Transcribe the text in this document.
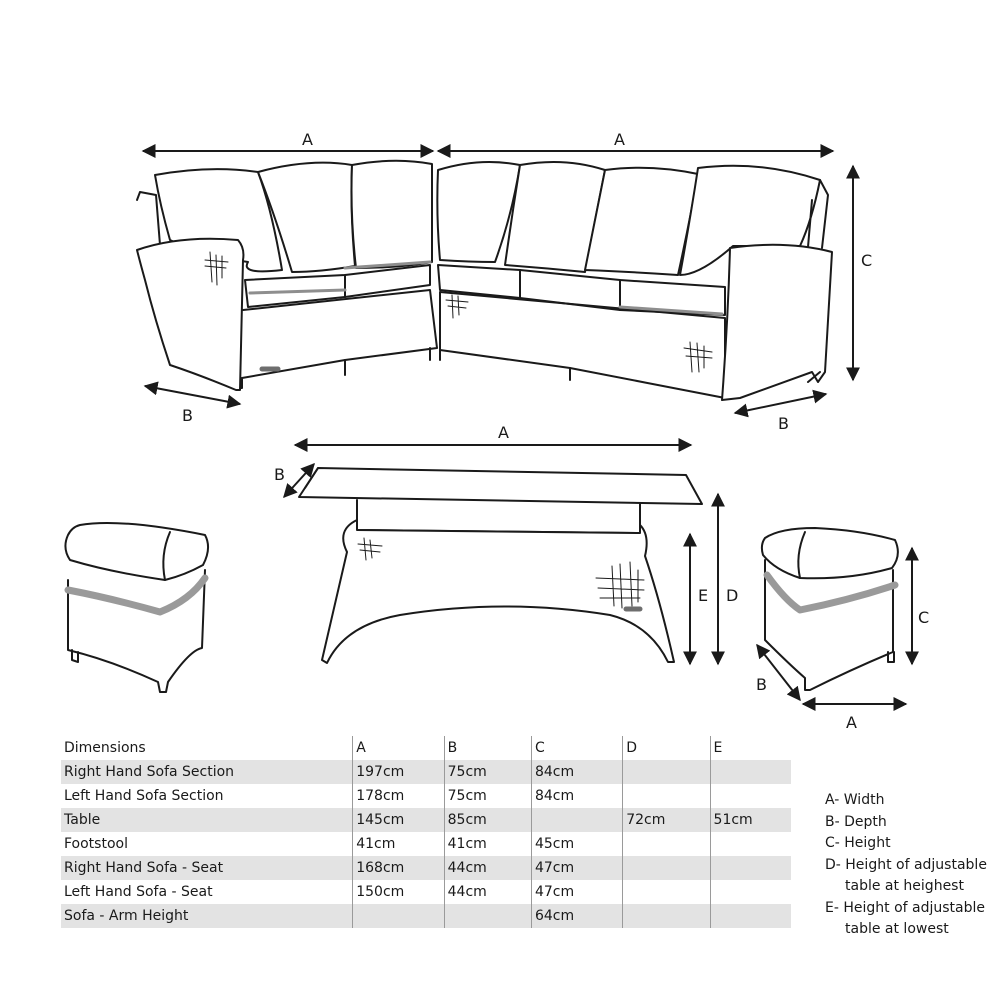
A	A
C
B	B
A
B
E D
C
B
A
Dimensions	A	B	C	D	E
Right Hand Sofa Section	197cm	75cm	84cm		
Left Hand Sofa Section	178cm	75cm	84cm		
Table	145cm	85cm		72cm	51cm
Footstool	41cm	41cm	45cm		
Right Hand Sofa - Seat	168cm	44cm	47cm		
Left Hand Sofa - Seat	150cm	44cm	47cm		
Sofa - Arm Height			64cm		
A- Width
B- Depth
C- Height
D- Height of adjustable
table at heighest
E- Height of adjustable
table at lowest
